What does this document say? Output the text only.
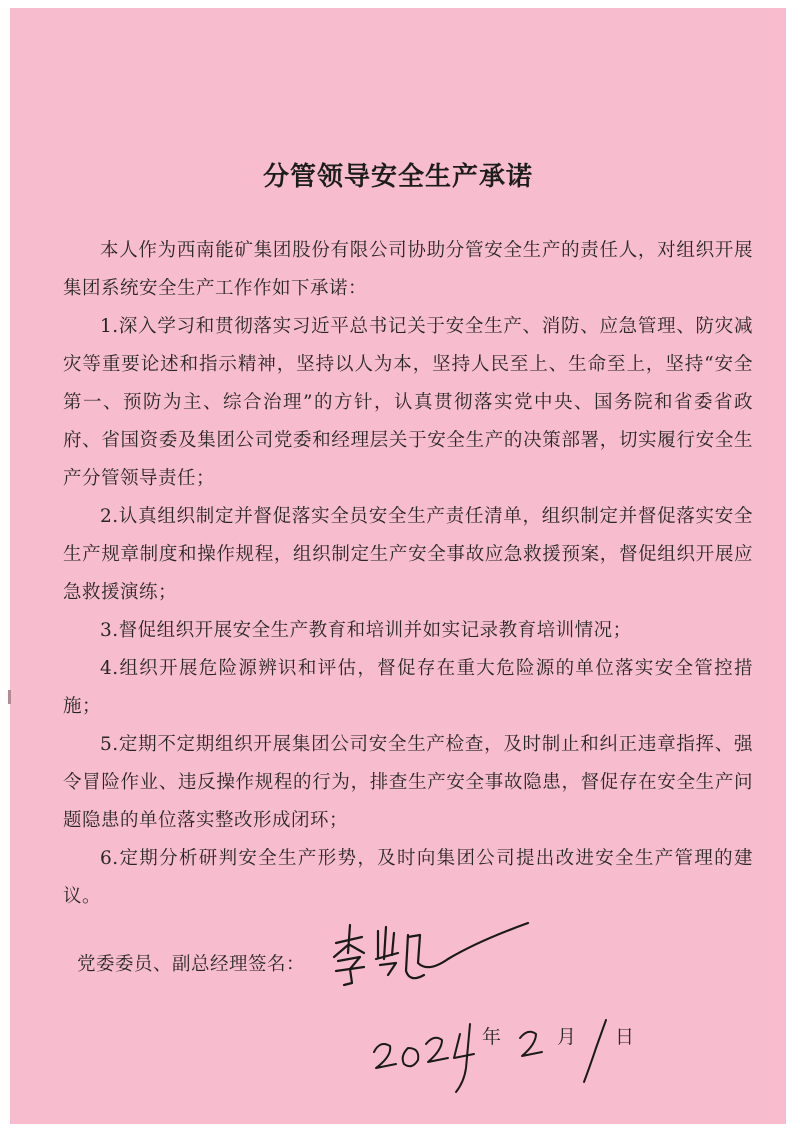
分管领导安全生产承诺

本人作为西南能矿集团股份有限公司协助分管安全生产的责任人，对组织开展集团系统安全生产工作作如下承诺：

1.深入学习和贯彻落实习近平总书记关于安全生产、消防、应急管理、防灾减灾等重要论述和指示精神，坚持以人为本，坚持人民至上、生命至上，坚持“安全第一、预防为主、综合治理”的方针，认真贯彻落实党中央、国务院和省委省政府、省国资委及集团公司党委和经理层关于安全生产的决策部署，切实履行安全生产分管领导责任；

2.认真组织制定并督促落实全员安全生产责任清单，组织制定并督促落实安全生产规章制度和操作规程，组织制定生产安全事故应急救援预案，督促组织开展应急救援演练；

3.督促组织开展安全生产教育和培训并如实记录教育培训情况；

4.组织开展危险源辨识和评估，督促存在重大危险源的单位落实安全管控措施；

5.定期不定期组织开展集团公司安全生产检查，及时制止和纠正违章指挥、强令冒险作业、违反操作规程的行为，排查生产安全事故隐患，督促存在安全生产问题隐患的单位落实整改形成闭环；

6.定期分析研判安全生产形势，及时向集团公司提出改进安全生产管理的建议。

党委委员、副总经理签名：
年	月 日
